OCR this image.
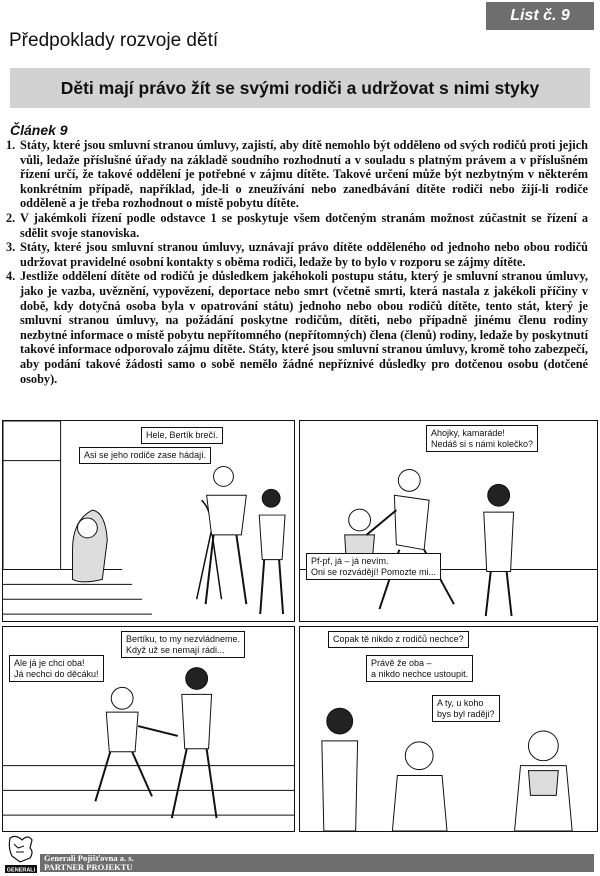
List č. 9
Předpoklady rozvoje dětí
Děti mají právo žít se svými rodiči a udržovat s nimi styky
Článek 9
1. Státy, které jsou smluvní stranou úmluvy, zajistí, aby dítě nemohlo být odděleno od svých rodičů proti jejich vůli, ledaže příslušné úřady na základě soudního rozhodnutí a v souladu s platným právem a v příslušném řízení určí, že takové oddělení je potřebné v zájmu dítěte. Takové určení může být nezbytným v některém konkrétním případě, například, jde-li o zneužívání nebo zanedbávání dítěte rodiči nebo žijí-li rodiče odděleně a je třeba rozhodnout o místě pobytu dítěte.
2. V jakémkoli řízení podle odstavce 1 se poskytuje všem dotčeným stranám možnost zúčastnit se řízení a sdělit svoje stanoviska.
3. Státy, které jsou smluvní stranou úmluvy, uznávají právo dítěte odděleného od jednoho nebo obou rodičů udržovat pravidelné osobní kontakty s oběma rodiči, ledaže by to bylo v rozporu se zájmy dítěte.
4. Jestliže oddělení dítěte od rodičů je důsledkem jakéhokoli postupu státu, který je smluvní stranou úmluvy, jako je vazba, uvěznění, vypovězení, deportace nebo smrt (včetně smrti, která nastala z jakékoli příčiny v době, kdy dotyčná osoba byla v opatrování státu) jednoho nebo obou rodičů dítěte, tento stát, který je smluvní stranou úmluvy, na požádání poskytne rodičům, dítěti, nebo případně jinému členu rodiny nezbytné informace o místě pobytu nepřítomného (nepřítomných) člena (členů) rodiny, ledaže by poskytnutí takové informace odporovalo zájmu dítěte. Státy, které jsou smluvní stranou úmluvy, kromě toho zabezpečí, aby podání takové žádosti samo o sobě nemělo žádné nepříznivé důsledky pro dotčenou osobu (dotčené osoby).
Hele, Bertík brečí.
Asi se jeho rodiče zase hádají.
Ahojky, kamaráde!
Nedáš si s námi kolečko?
Pf-pf, já – já nevím.
Oni se rozvádějí! Pomozte mi...
Bertíku, to my nezvládneme.
Když už se nemají rádi...
Ale já je chci oba!
Já nechci do děcáku!
Copak tě nikdo z rodičů nechce?
Právě že oba –
a nikdo nechce ustoupit.
A ty, u koho
bys byl raději?
GENERALI
Generali Pojišťovna a. s.
PARTNER PROJEKTU
